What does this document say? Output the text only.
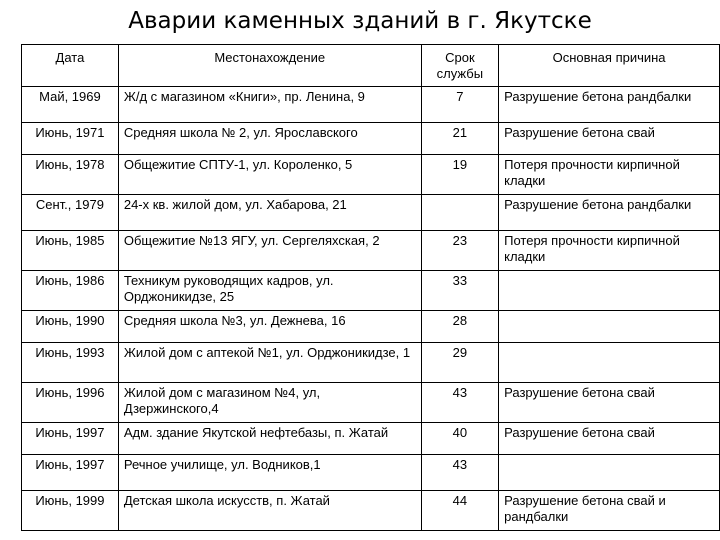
Аварии каменных зданий в г. Якутске
Дата	Местонахождение	Срок службы	Основная причина
Май, 1969	Ж/д с магазином «Книги», пр. Ленина, 9	7	Разрушение бетона рандбалки
Июнь, 1971	Средняя школа № 2, ул. Ярославского	21	Разрушение бетона свай
Июнь, 1978	Общежитие СПТУ-1, ул. Короленко, 5	19	Потеря прочности кирпичной кладки
Сент., 1979	24-х кв. жилой дом, ул. Хабарова, 21		Разрушение бетона рандбалки
Июнь, 1985	Общежитие №13 ЯГУ, ул. Сергеляхская, 2	23	Потеря прочности кирпичной кладки
Июнь, 1986	Техникум руководящих кадров, ул. Орджоникидзе, 25	33	
Июнь, 1990	Средняя школа №3, ул. Дежнева, 16	28	
Июнь, 1993	Жилой дом с аптекой №1, ул. Орджоникидзе, 1	29	
Июнь, 1996	Жилой дом с магазином №4, ул, Дзержинского,4	43	Разрушение бетона свай
Июнь, 1997	Адм. здание Якутской нефтебазы, п. Жатай	40	Разрушение бетона свай
Июнь, 1997	Речное училище, ул. Водников,1	43	
Июнь, 1999	Детская школа искусств, п. Жатай	44	Разрушение бетона свай и рандбалки
